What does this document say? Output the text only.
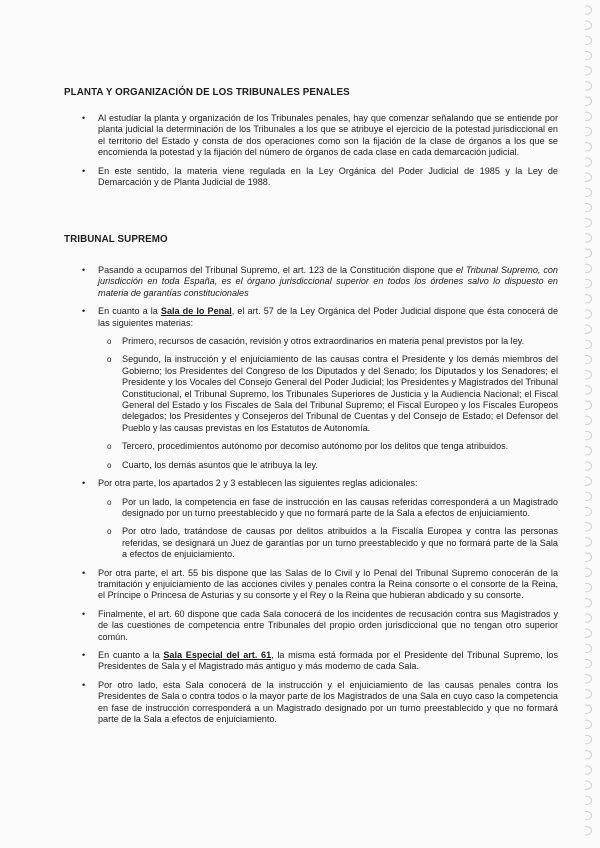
PLANTA Y ORGANIZACIÓN DE LOS TRIBUNALES PENALES
• Al estudiar la planta y organización de los Tribunales penales, hay que comenzar señalando que se entiende por planta judicial la determinación de los Tribunales a los que se atribuye el ejercicio de la potestad jurisdiccional en el territorio del Estado y consta de dos operaciones como son la fijación de la clase de órganos a los que se encomienda la potestad y la fijación del número de órganos de cada clase en cada demarcación judicial.
• En este sentido, la materia viene regulada en la Ley Orgánica del Poder Judicial de 1985 y la Ley de Demarcación y de Planta Judicial de 1988.
TRIBUNAL SUPREMO
• Pasando a ocuparnos del Tribunal Supremo, el art. 123 de la Constitución dispone que el Tribunal Supremo, con jurisdicción en toda España, es el órgano jurisdiccional superior en todos los órdenes salvo lo dispuesto en materia de garantías constitucionales
• En cuanto a la Sala de lo Penal, el art. 57 de la Ley Orgánica del Poder Judicial dispone que ésta conocerá de las siguientes materias:
o Primero, recursos de casación, revisión y otros extraordinarios en materia penal previstos por la ley.
o Segundo, la instrucción y el enjuiciamiento de las causas contra el Presidente y los demás miembros del Gobierno; los Presidentes del Congreso de los Diputados y del Senado; los Diputados y los Senadores; el Presidente y los Vocales del Consejo General del Poder Judicial; los Presidentes y Magistrados del Tribunal Constitucional, el Tribunal Supremo, los Tribunales Superiores de Justicia y la Audiencia Nacional; el Fiscal General del Estado y los Fiscales de Sala del Tribunal Supremo; el Fiscal Europeo y los Fiscales Europeos delegados; los Presidentes y Consejeros del Tribunal de Cuentas y del Consejo de Estado; el Defensor del Pueblo y las causas previstas en los Estatutos de Autonomía.
o Tercero, procedimientos autónomo por decomiso autónomo por los delitos que tenga atribuidos.
o Cuarto, los demás asuntos que le atribuya la ley.
• Por otra parte, los apartados 2 y 3 establecen las siguientes reglas adicionales:
o Por un lado, la competencia en fase de instrucción en las causas referidas corresponderá a un Magistrado designado por un turno preestablecido y que no formará parte de la Sala a efectos de enjuiciamiento.
o Por otro lado, tratándose de causas por delitos atribuidos a la Fiscalía Europea y contra las personas referidas, se designará un Juez de garantías por un turno preestablecido y que no formará parte de la Sala a efectos de enjuiciamiento.
• Por otra parte, el art. 55 bis dispone que las Salas de lo Civil y lo Penal del Tribunal Supremo conocerán de la tramitación y enjuiciamiento de las acciones civiles y penales contra la Reina consorte o el consorte de la Reina, el Príncipe o Princesa de Asturias y su consorte y el Rey o la Reina que hubieran abdicado y su consorte.
• Finalmente, el art. 60 dispone que cada Sala conocerá de los incidentes de recusación contra sus Magistrados y de las cuestiones de competencia entre Tribunales del propio orden jurisdiccional que no tengan otro superior común.
• En cuanto a la Sala Especial del art. 61, la misma está formada por el Presidente del Tribunal Supremo, los Presidentes de Sala y el Magistrado más antiguo y más moderno de cada Sala.
• Por otro lado, esta Sala conocerá de la instrucción y el enjuiciamiento de las causas penales contra los Presidentes de Sala o contra todos o la mayor parte de los Magistrados de una Sala en cuyo caso la competencia en fase de instrucción corresponderá a un Magistrado designado por un turno preestablecido y que no formará parte de la Sala a efectos de enjuiciamiento.
